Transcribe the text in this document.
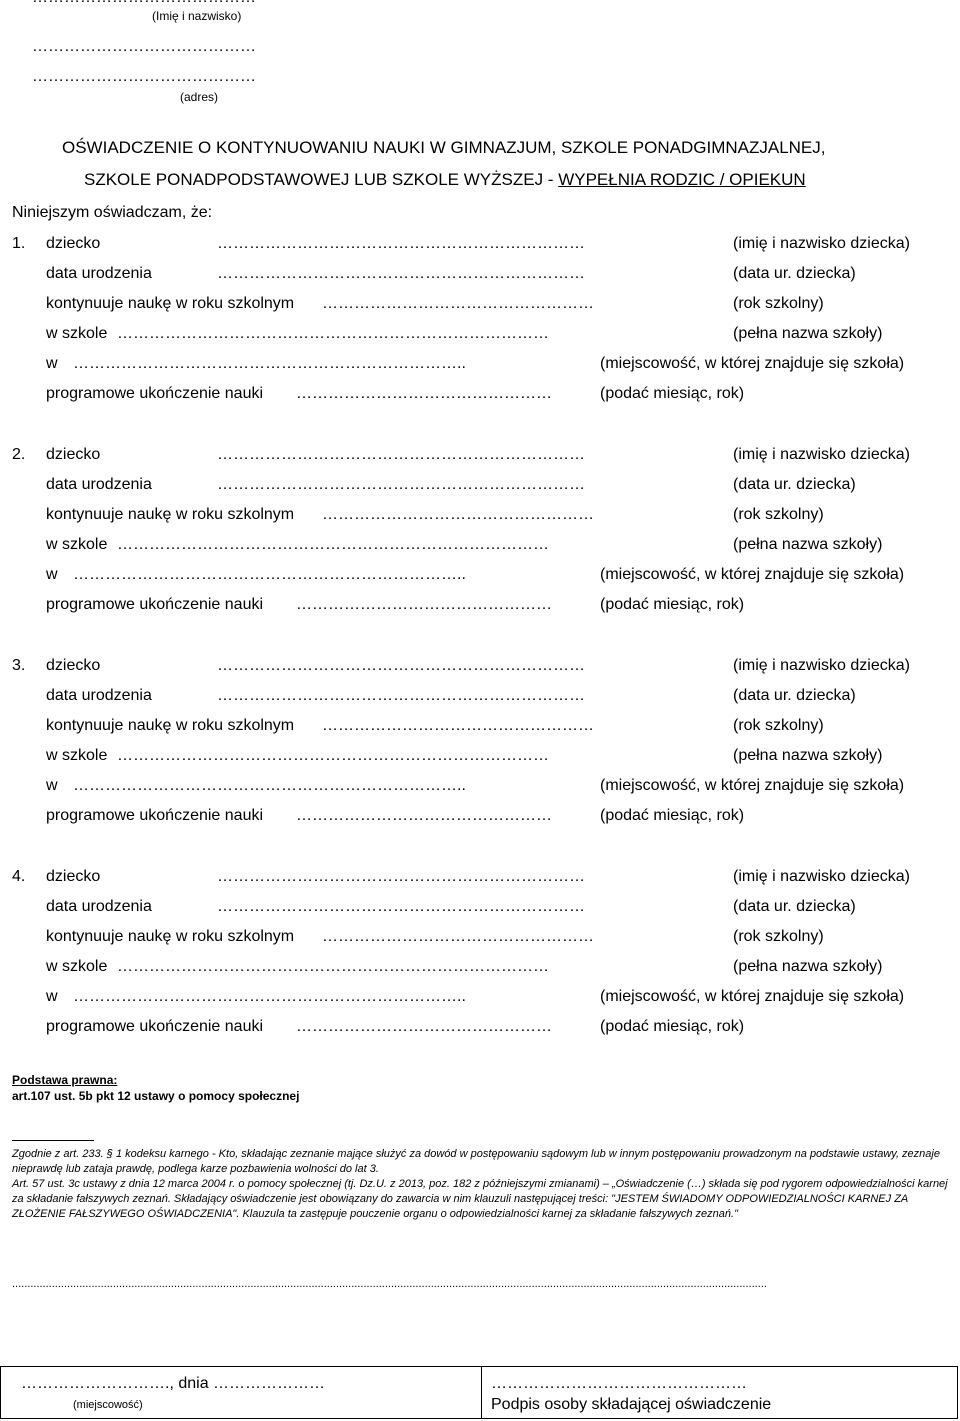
(Imię i nazwisko)
……………………………………
……………………………………
(adres)
OŚWIADCZENIE O KONTYNUOWANIU NAUKI W GIMNAZJUM, SZKOLE PONADGIMNAZJALNEJ,
SZKOLE PONADPODSTAWOWEJ LUB SZKOLE WYŻSZEJ - WYPEŁNIA RODZIC / OPIEKUN
Niniejszym oświadczam, że:
1. dziecko	……………………………………………………………	(imię i nazwisko dziecka)
data urodzenia	……………………………………………………………	(data ur. dziecka)
kontynuuje naukę w roku szkolnym ……………………………………………	(rok szkolny)
w szkole ………………………………………………………………………	(pełna nazwa szkoły)
w ………………………………………………………………..	(miejscowość, w której znajduje się szkoła)
programowe ukończenie nauki …………………………………………	(podać miesiąc, rok)
2. dziecko	……………………………………………………………	(imię i nazwisko dziecka)
data urodzenia	……………………………………………………………	(data ur. dziecka)
kontynuuje naukę w roku szkolnym ……………………………………………	(rok szkolny)
w szkole ………………………………………………………………………	(pełna nazwa szkoły)
w ………………………………………………………………..	(miejscowość, w której znajduje się szkoła)
programowe ukończenie nauki …………………………………………	(podać miesiąc, rok)
3. dziecko	……………………………………………………………	(imię i nazwisko dziecka)
data urodzenia	……………………………………………………………	(data ur. dziecka)
kontynuuje naukę w roku szkolnym ……………………………………………	(rok szkolny)
w szkole ………………………………………………………………………	(pełna nazwa szkoły)
w ………………………………………………………………..	(miejscowość, w której znajduje się szkoła)
programowe ukończenie nauki …………………………………………	(podać miesiąc, rok)
4. dziecko	……………………………………………………………	(imię i nazwisko dziecka)
data urodzenia	……………………………………………………………	(data ur. dziecka)
kontynuuje naukę w roku szkolnym ……………………………………………	(rok szkolny)
w szkole ………………………………………………………………………	(pełna nazwa szkoły)
w ………………………………………………………………..	(miejscowość, w której znajduje się szkoła)
programowe ukończenie nauki …………………………………………	(podać miesiąc, rok)
Podstawa prawna:
art.107 ust. 5b pkt 12 ustawy o pomocy społecznej

Zgodnie z art. 233. § 1 kodeksu karnego - Kto, składając zeznanie mające służyć za dowód w postępowaniu sądowym lub w innym postępowaniu prowadzonym na podstawie ustawy, zeznaje nieprawdę lub zataja prawdę, podlega karze pozbawienia wolności do lat 3.

Art. 57 ust. 3c ustawy z dnia 12 marca 2004 r. o pomocy społecznej (tj. Dz.U. z 2013, poz. 182 z późniejszymi zmianami) – „Oświadczenie (…) składa się pod rygorem odpowiedzialności karnej za składanie fałszywych zeznań. Składający oświadczenie jest obowiązany do zawarcia w nim klauzuli następującej treści: "JESTEM ŚWIADOMY ODPOWIEDZIALNOŚCI KARNEJ ZA ZŁOŻENIE FAŁSZYWEGO OŚWIADCZENIA". Klauzula ta zastępuje pouczenie organu o odpowiedzialności karnej za składanie fałszywych zeznań."

.......................................................................................................................................................................................................................................................
………………………., dnia …………………
(miejscowość)
…………………………………………
Podpis osoby składającej oświadczenie
